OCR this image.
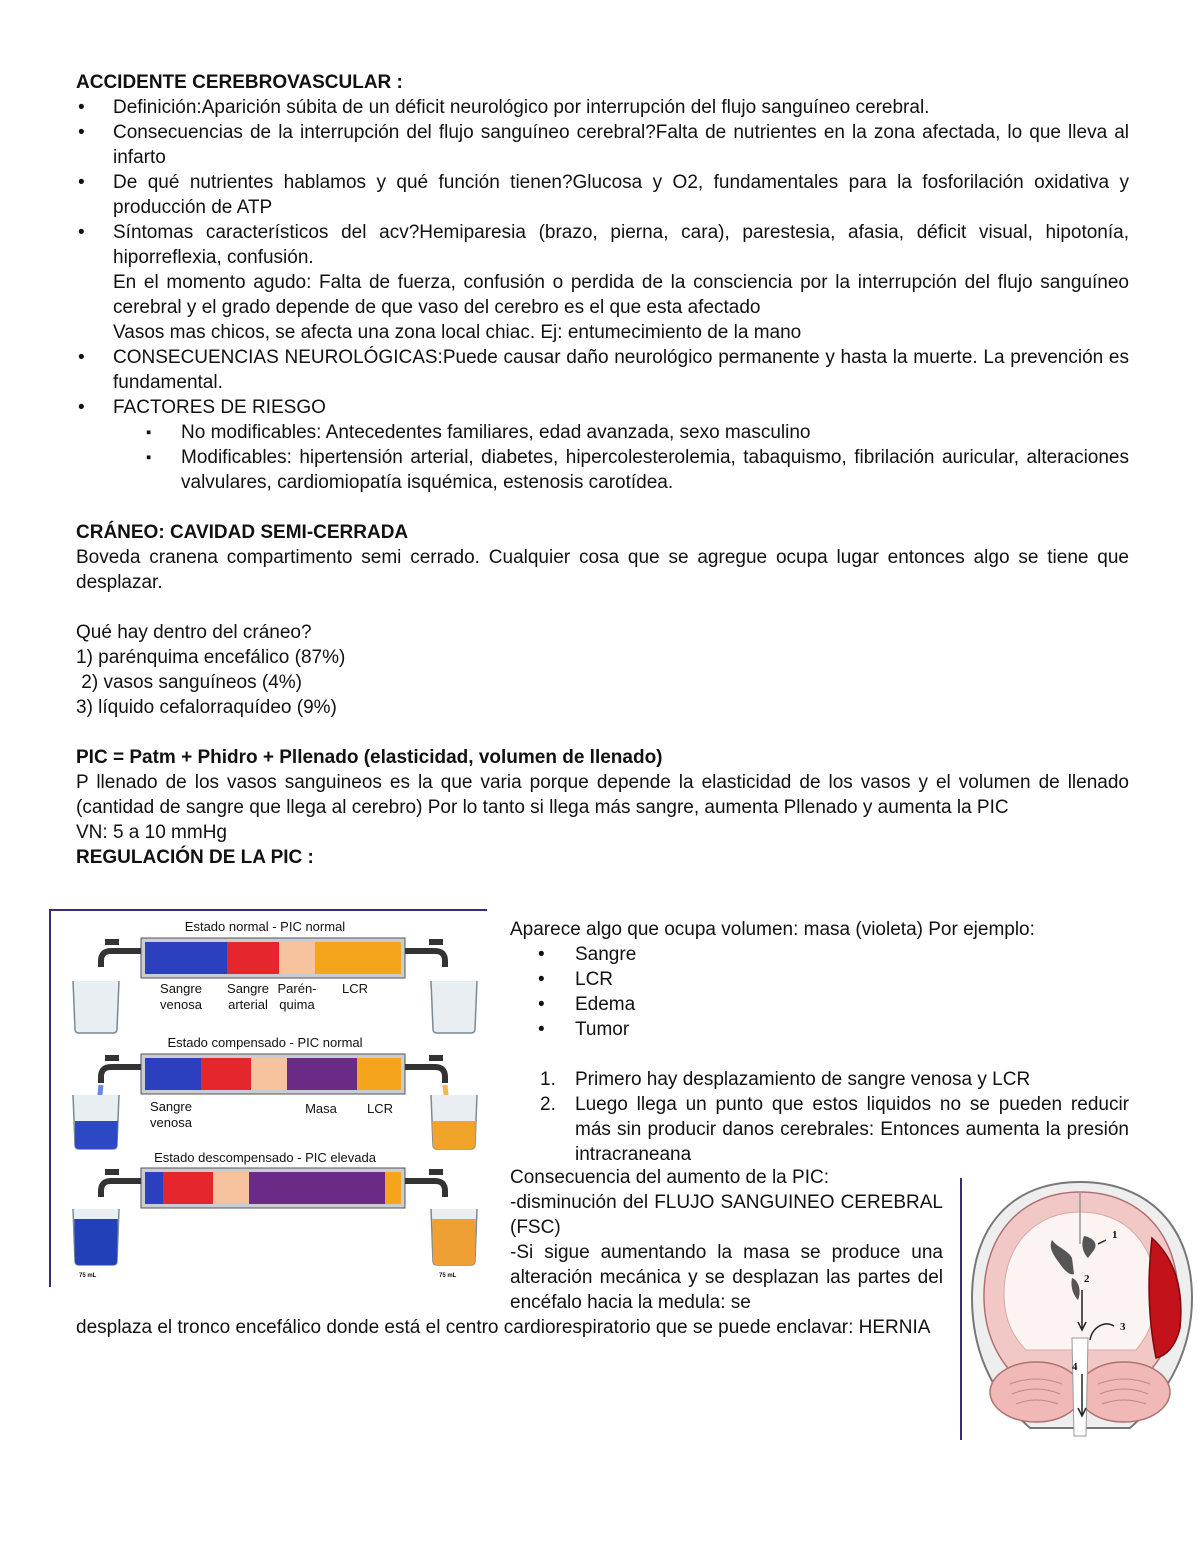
ACCIDENTE CEREBROVASCULAR :

• Definición:Aparición súbita de un déficit neurológico por interrupción del flujo sanguíneo cerebral.
• Consecuencias de la interrupción del flujo sanguíneo cerebral?Falta de nutrientes en la zona afectada, lo que lleva al infarto
• De qué nutrientes hablamos y qué función tienen?Glucosa y O2, fundamentales para la fosforilación oxidativa y producción de ATP
• Síntomas característicos del acv?Hemiparesia (brazo, pierna, cara), parestesia, afasia, déficit visual, hipotonía, hiporreflexia, confusión.

En el momento agudo: Falta de fuerza, confusión o perdida de la consciencia por la interrupción del flujo sanguíneo cerebral y el grado depende de que vaso del cerebro es el que esta afectado

Vasos mas chicos, se afecta una zona local chiac. Ej: entumecimiento de la mano

• CONSECUENCIAS NEUROLÓGICAS:Puede causar daño neurológico permanente y hasta la muerte. La prevención es fundamental.
• FACTORES DE RIESGO
▪ No modificables: Antecedentes familiares, edad avanzada, sexo masculino
▪ Modificables: hipertensión arterial, diabetes, hipercolesterolemia, tabaquismo, fibrilación auricular, alteraciones valvulares, cardiomiopatía isquémica, estenosis carotídea.

CRÁNEO: CAVIDAD SEMI-CERRADA

Boveda cranena compartimento semi cerrado. Cualquier cosa que se agregue ocupa lugar entonces algo se tiene que desplazar.

Qué hay dentro del cráneo?

1) parénquima encefálico (87%)

2) vasos sanguíneos (4%)

3) líquido cefalorraquídeo (9%)

PIC = Patm + Phidro + Pllenado (elasticidad, volumen de llenado)

P llenado de los vasos sanguineos es la que varia porque depende la elasticidad de los vasos y el volumen de llenado (cantidad de sangre que llega al cerebro) Por lo tanto si llega más sangre, aumenta Pllenado y aumenta la PIC

VN: 5 a 10 mmHg

REGULACIÓN DE LA PIC :

Estado normal - PIC normal
Sangre
venosa
Sangre
arterial
Parén-
quima
LCR
Estado compensado - PIC normal
Sangre
venosa
Masa LCR
Estado descompensado - PIC elevada
75 mL	75 mL

Aparece algo que ocupa volumen: masa (violeta) Por ejemplo:

• Sangre
• LCR
• Edema
• Tumor
1. Primero hay desplazamiento de sangre venosa y LCR
2. Luego llega un punto que estos liquidos no se pueden reducir más sin producir danos cerebrales: Entonces aumenta la presión intracraneana

Consecuencia del aumento de la PIC:

-disminución del FLUJO SANGUINEO CEREBRAL (FSC)

-Si sigue aumentando la masa se produce una alteración mecánica y se desplazan las partes del encéfalo hacia la medula: se

desplaza el tronco encefálico donde está el centro cardiorespiratorio que se puede enclavar: HERNIA
1
2
3
4
